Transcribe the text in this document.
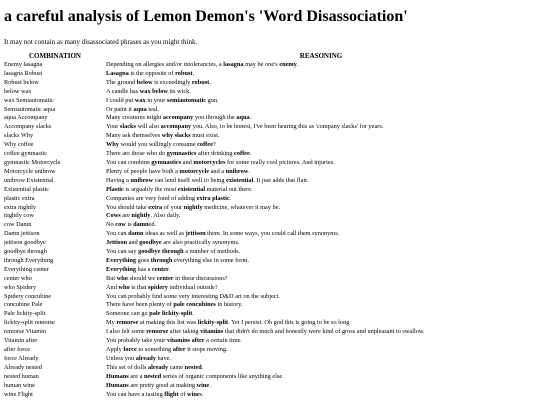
a careful analysis of Lemon Demon's 'Word Disassociation'
It may not contain as many disassociated phrases as you might think.
COMBINATION	REASONING
Enemy lasagna	Depending on allergies and/or intolerancies, a lasagna may be one's enemy.
lasagna Robust	Lasagna is the opposite of robust.
Robust below	The ground below is exceedingly robust.
below wax	A candle has wax below its wick.
wax Semiautomatic	I could put wax in your semiautomatic gun.
Semiautomatic aqua	Or paint it aqua teal.
aqua Accompany	Many creatures might accompany you through the aqua.
Accompany slacks	Your slacks will also accompany you. Also, to be honest, I've been hearing this as 'company slacks' for years.
slacks Why	Many ask themselves why slacks must exist.
Why coffee	Why would you willingly consume coffee?
coffee gymnastic	There are those who do gymnastics after drinking coffee.
gymnastic Motorcycle	You can combine gymnastics and motorcycles for some really cool pictures. And injuries.
Motorcycle unibrow	Plenty of people have both a motorcycle and a unibrow.
unibrow Existential	Having a unibrow can lend itself well to being existential. It just adds that flair.
Existential plastic	Plastic is arguably the most existential material out there.
plastic extra	Companies are very fond of adding extra plastic.
extra nightly	You should take extra of your nightly medicine, whatever it may be.
nightly cow	Cows are nightly. Also daily.
cow Damn	No cow is damned.
Damn jettison	You can damn ideas as well as jettison them. In some ways, you could call them synonyms.
jettison goodbye	Jettison and goodbye are also practically synonyms.
goodbye through	You can say goodbye through a number of methods.
through Everything	Everything goes through everything else in some form.
Everything center	Everything has a center.
center who	But who should we center in these discussions?
who Spidery	And who is that spidery individual outside?
Spidery concubine	You can probably find some very interesting D&D art on the subject.
concubine Pale	There have been plenty of pale concubines in history.
Pale lickity-split	Someone can go pale lickity-split.
lickity-split remorse	My remorse at making this list was lickity-split. Yet I persist. Oh god this is going to be so long
remorse Vitamin	I also felt some remorse after taking vitamins that didn't do much and honestly were kind of gross and unpleasant to swallow.
Vitamin after	You probably take your vitamins after a certain time.
after force	Apply force to something after it stops moving.
force Already	Unless you already have.
Already nested	This set of dolls already came nested.
nested human	Humans are a nested series of organic components like anything else.
human wine	Humans are pretty good at making wine.
wine Flight	You can have a tasting flight of wines.
